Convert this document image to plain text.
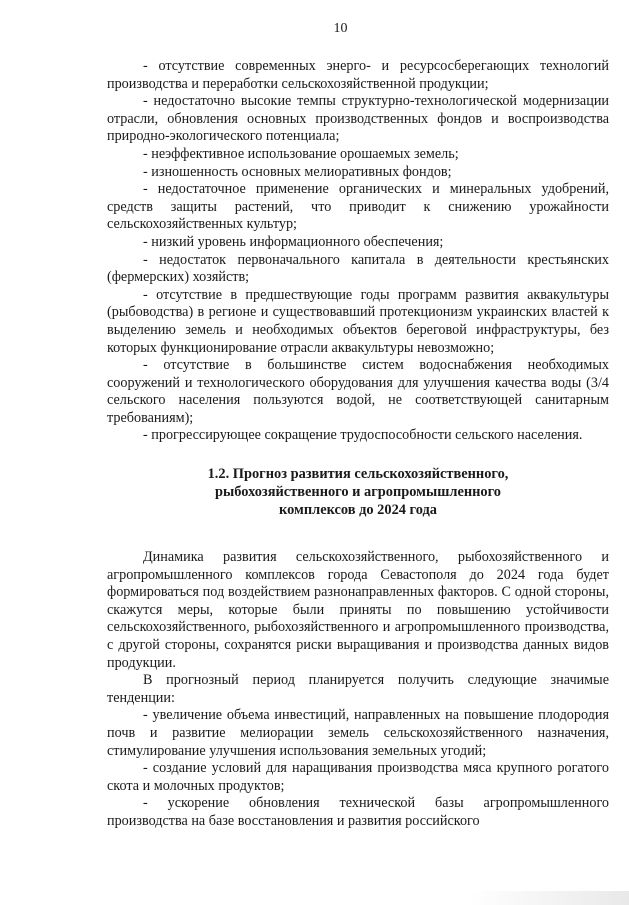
10

- отсутствие современных энерго- и ресурсосберегающих технологий производства и переработки сельскохозяйственной продукции;

- недостаточно высокие темпы структурно-технологической модернизации отрасли, обновления основных производственных фондов и воспроизводства природно-экологического потенциала;

- неэффективное использование орошаемых земель;

- изношенность основных мелиоративных фондов;

- недостаточное применение органических и минеральных удобрений, средств защиты растений, что приводит к снижению урожайности сельскохозяйственных культур;

- низкий уровень информационного обеспечения;

- недостаток первоначального капитала в деятельности крестьянских (фермерских) хозяйств;

- отсутствие в предшествующие годы программ развития аквакультуры (рыбоводства) в регионе и существовавший протекционизм украинских властей к выделению земель и необходимых объектов береговой инфраструктуры, без которых функционирование отрасли аквакультуры невозможно;

- отсутствие в большинстве систем водоснабжения необходимых сооружений и технологического оборудования для улучшения качества воды (3/4 сельского населения пользуются водой, не соответствующей санитарным требованиям);

- прогрессирующее сокращение трудоспособности сельского населения.

1.2. Прогноз развития сельскохозяйственного,
рыбохозяйственного и агропромышленного
комплексов до 2024 года

Динамика развития сельскохозяйственного, рыбохозяйственного и агропромышленного комплексов города Севастополя до 2024 года будет формироваться под воздействием разнонаправленных факторов. С одной стороны, скажутся меры, которые были приняты по повышению устойчивости сельскохозяйственного, рыбохозяйственного и агропромышленного производства, с другой стороны, сохранятся риски выращивания и производства данных видов продукции.

В прогнозный период планируется получить следующие значимые тенденции:

- увеличение объема инвестиций, направленных на повышение плодородия почв и развитие мелиорации земель сельскохозяйственного назначения, стимулирование улучшения использования земельных угодий;

- создание условий для наращивания производства мяса крупного рогатого скота и молочных продуктов;

- ускорение обновления технической базы агропромышленного производства на базе восстановления и развития российского
